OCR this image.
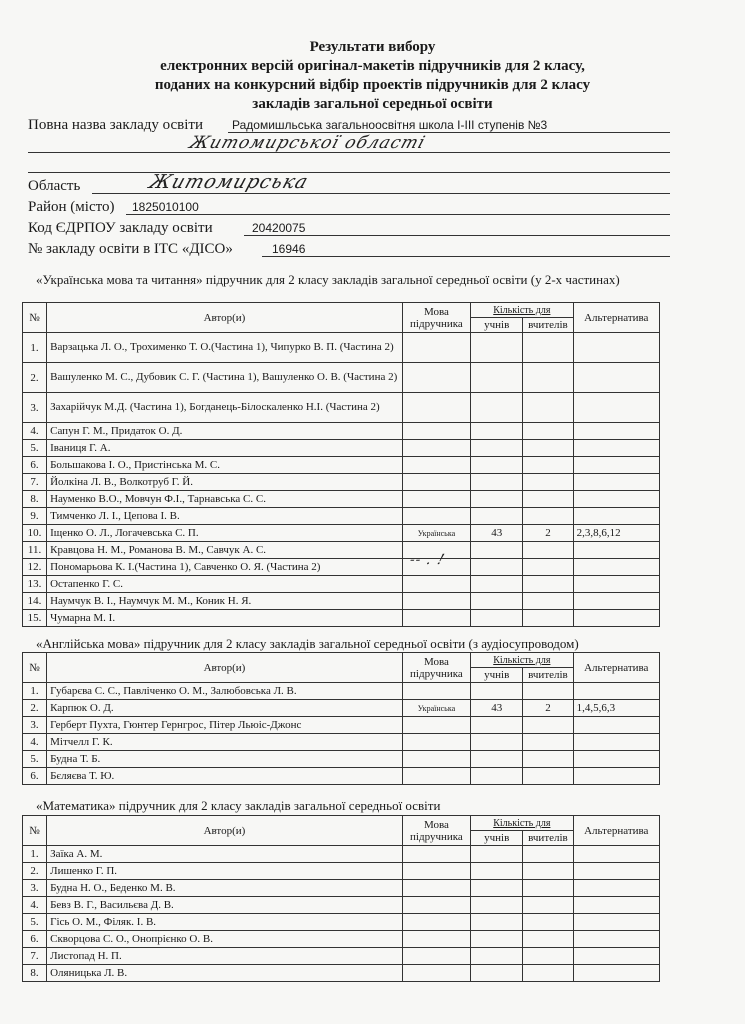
Результати вибору
електронних версій оригінал-макетів підручників для 2 класу,
поданих на конкурсний відбір проектів підручників для 2 класу
закладів загальної середньої освіти
Повна назва закладу освіти Радомишльська загальноосвітня школа І-ІІІ ступенів №3
Житомирської області
Область	Житомирська
Район (місто) 1825010100
Код ЄДРПОУ закладу освіти	20420075
№ закладу освіти в ІТС «ДІСО»	16946
«Українська мова та читання» підручник для 2 класу закладів загальної середньої освіти (у 2-х частинах)
№	Автор(и)	Мова підручника	Кількість для		Альтернатива
			учнів	вчителів	
1.	Варзацька Л. О., Трохименко Т. О.(Частина 1), Чипурко В. П. (Частина 2)				
2.	Вашуленко М. С., Дубовик С. Г. (Частина 1), Вашуленко О. В. (Частина 2)				
3.	Захарійчук М.Д. (Частина 1), Богданець-Білоскаленко Н.І. (Частина 2)				
4.	Сапун Г. М., Придаток О. Д.				
5.	Іваниця Г. А.				
6.	Большакова І. О., Пристінська М. С.				
7.	Йолкіна Л. В., Волкотруб Г. Й.				
8.	Науменко В.О., Мовчун Ф.І., Тарнавська С. С.				
9.	Тимченко Л. І., Цепова І. В.				
10.	Іщенко О. Л., Логачевська С. П.	Українська	43	2	2,3,8,6,12
11.	Кравцова Н. М., Романова В. М., Савчук А. С.				
12.	Пономарьова К. І.(Частина 1), Савченко О. Я. (Частина 2)				
13.	Остапенко Г. С.				
14.	Наумчук В. І., Наумчук М. М., Коник Н. Я.				
15.	Чумарна М. І.				
«Англійська мова» підручник для 2 класу закладів загальної середньої освіти (з аудіосупроводом)
№	Автор(и)	Мова підручника	Кількість для		Альтернатива
			учнів	вчителів	
1.	Губарєва С. С., Павліченко О. М., Залюбовська Л. В.				
2.	Карпюк О. Д.	Українська	43	2	1,4,5,6,3
3.	Герберт Пухта, Гюнтер Гернгрос, Пітер Льюіс-Джонс				
4.	Мітчелл Г. К.				
5.	Будна Т. Б.				
6.	Бєляєва Т. Ю.				
«Математика» підручник для 2 класу закладів загальної середньої освіти
№	Автор(и)	Мова підручника	Кількість для		Альтернатива
			учнів	вчителів	
1.	Заїка А. М.				
2.	Лишенко Г. П.				
3.	Будна Н. О., Беденко М. В.				
4.	Бевз В. Г., Васильєва Д. В.				
5.	Гісь О. М., Філяк. І. В.				
6.	Скворцова С. О., Онопрієнко О. В.				
7.	Листопад Н. П.				
8.	Оляницька Л. В.				
-‑ . !
